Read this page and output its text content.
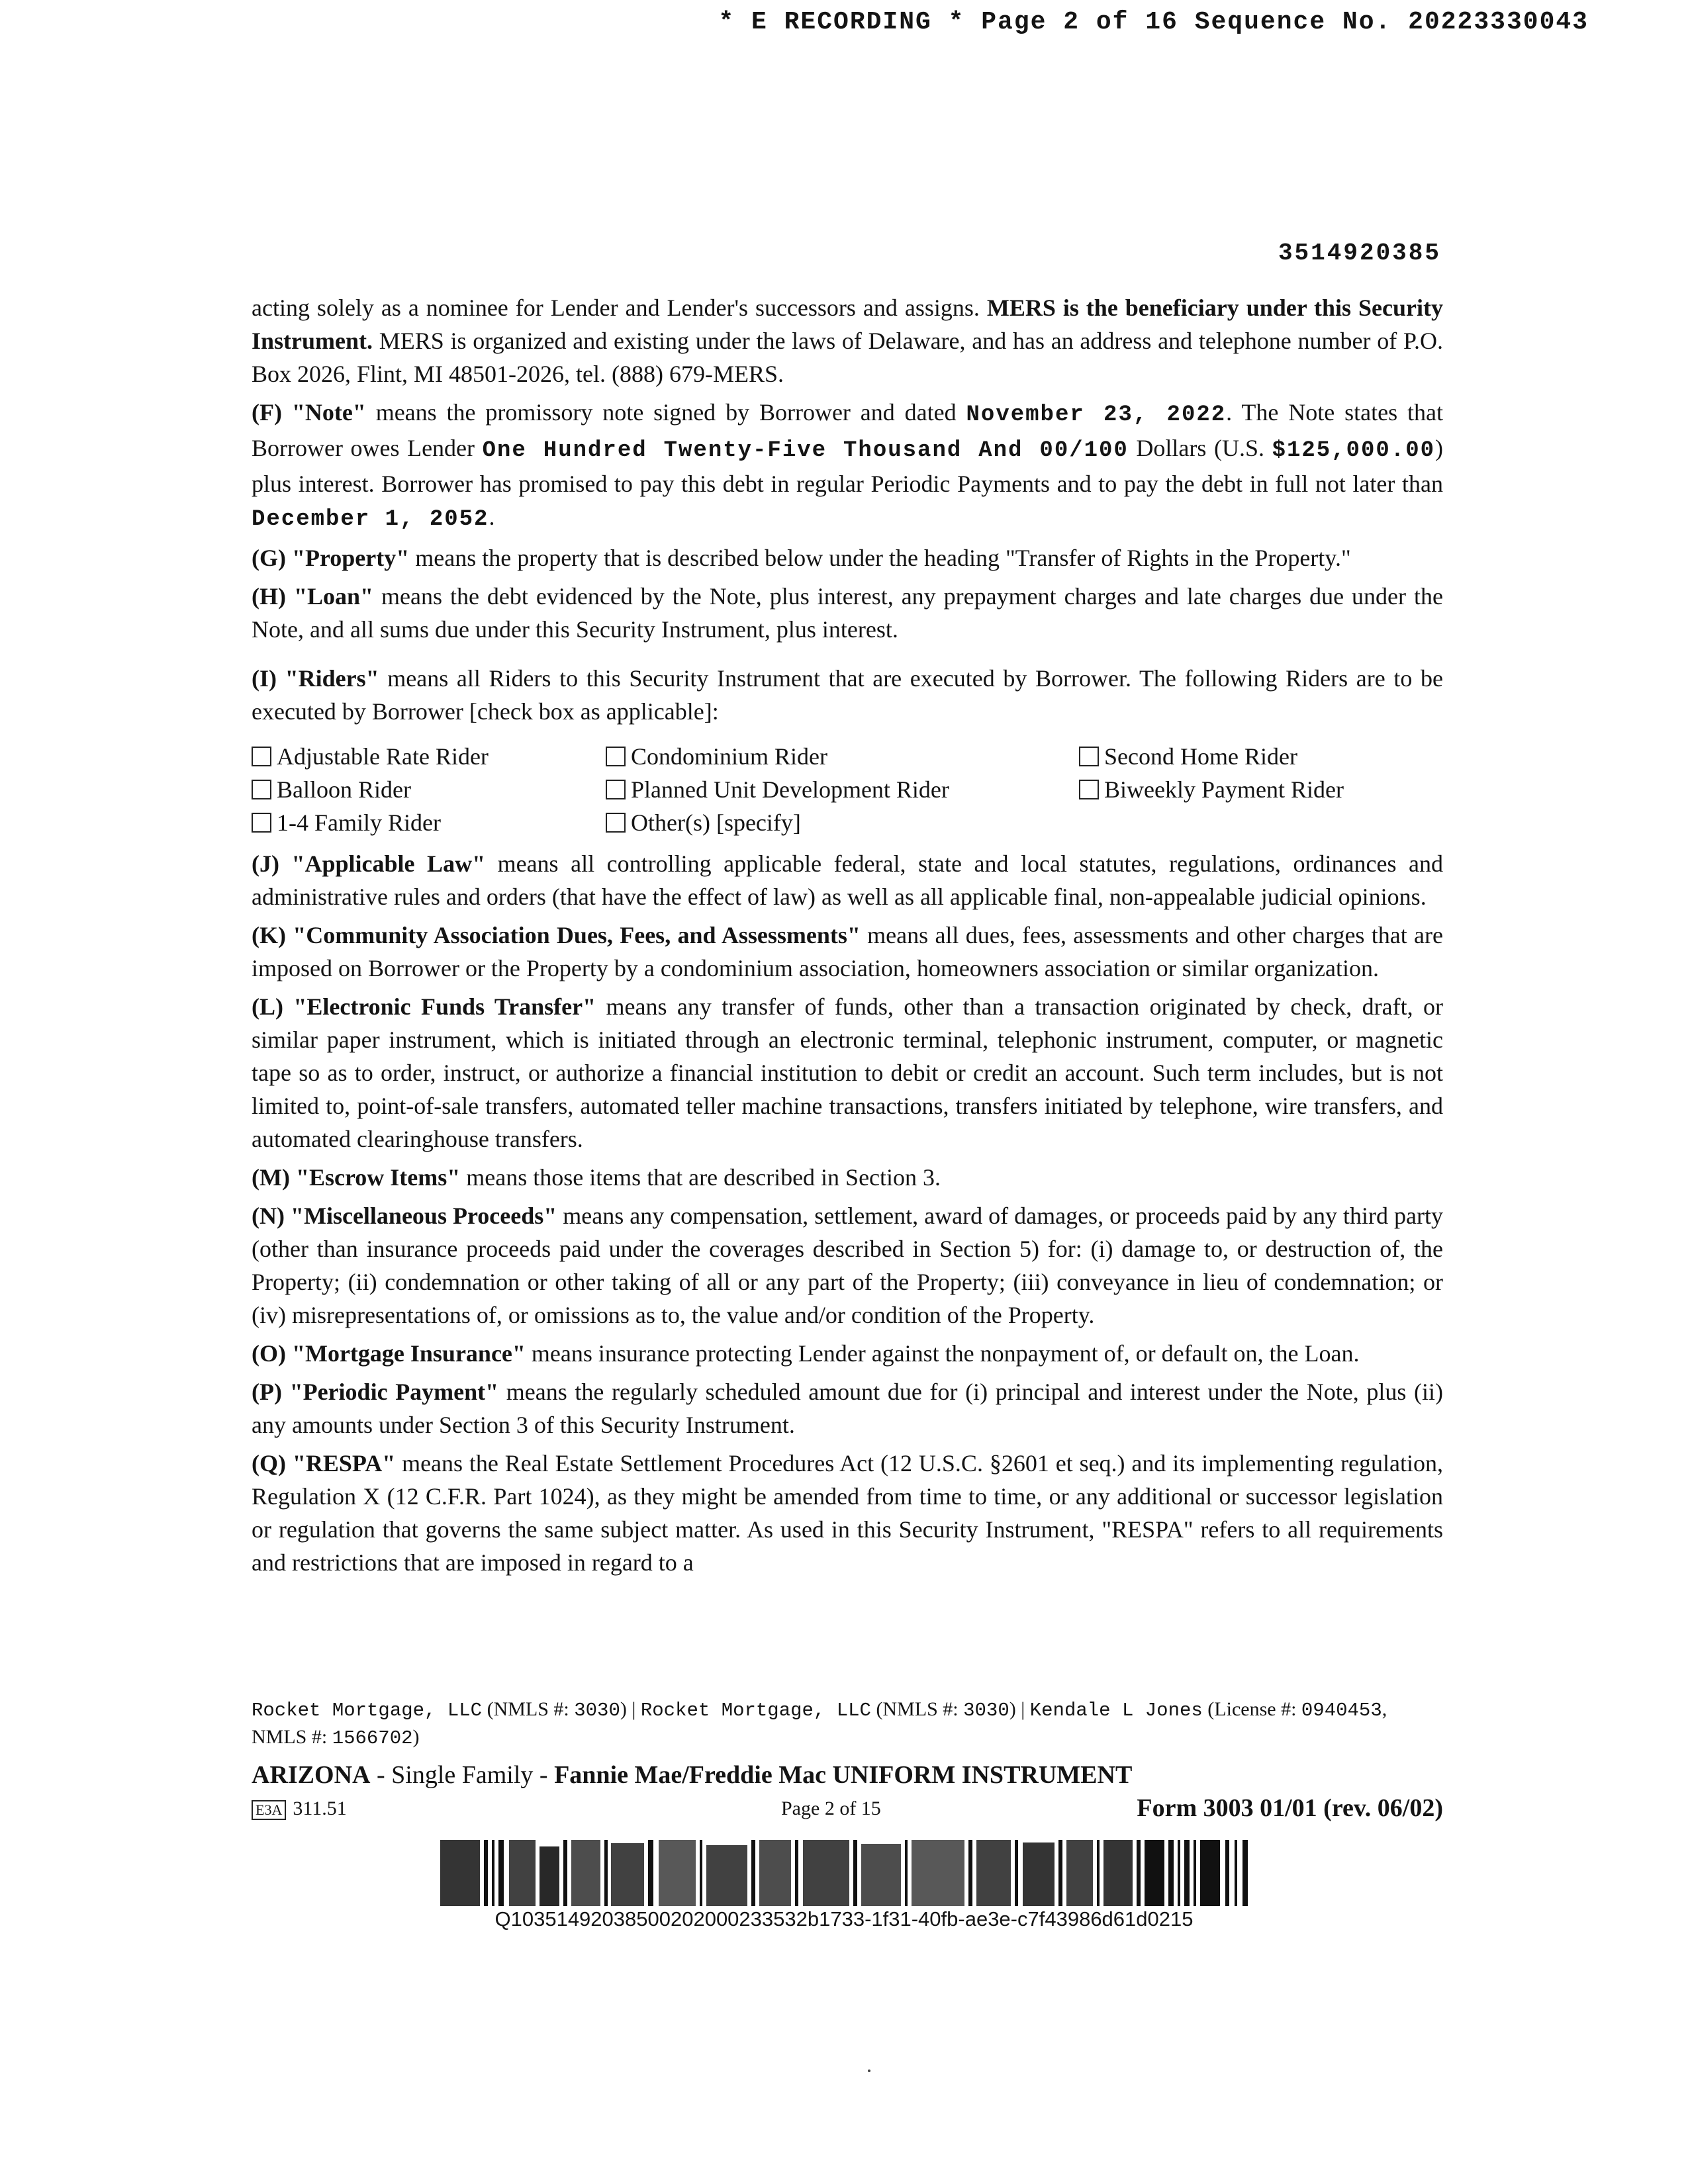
* E RECORDING * Page 2 of 16 Sequence No. 20223330043
3514920385

acting solely as a nominee for Lender and Lender's successors and assigns. MERS is the beneficiary under this Security Instrument. MERS is organized and existing under the laws of Delaware, and has an address and telephone number of P.O. Box 2026, Flint, MI 48501-2026, tel. (888) 679-MERS.

(F) "Note" means the promissory note signed by Borrower and dated November 23, 2022. The Note states that Borrower owes Lender One Hundred Twenty-Five Thousand And 00/100 Dollars (U.S. $125,000.00) plus interest. Borrower has promised to pay this debt in regular Periodic Payments and to pay the debt in full not later than December 1, 2052.

(G) "Property" means the property that is described below under the heading "Transfer of Rights in the Property."

(H) "Loan" means the debt evidenced by the Note, plus interest, any prepayment charges and late charges due under the Note, and all sums due under this Security Instrument, plus interest.

(I) "Riders" means all Riders to this Security Instrument that are executed by Borrower. The following Riders are to be executed by Borrower [check box as applicable]:

Adjustable Rate Rider	Condominium Rider	Second Home Rider
Balloon Rider	Planned Unit Development Rider	Biweekly Payment Rider
1-4 Family Rider	Other(s) [specify]

(J) "Applicable Law" means all controlling applicable federal, state and local statutes, regulations, ordinances and administrative rules and orders (that have the effect of law) as well as all applicable final, non-appealable judicial opinions.

(K) "Community Association Dues, Fees, and Assessments" means all dues, fees, assessments and other charges that are imposed on Borrower or the Property by a condominium association, homeowners association or similar organization.

(L) "Electronic Funds Transfer" means any transfer of funds, other than a transaction originated by check, draft, or similar paper instrument, which is initiated through an electronic terminal, telephonic instrument, computer, or magnetic tape so as to order, instruct, or authorize a financial institution to debit or credit an account. Such term includes, but is not limited to, point-of-sale transfers, automated teller machine transactions, transfers initiated by telephone, wire transfers, and automated clearinghouse transfers.

(M) "Escrow Items" means those items that are described in Section 3.

(N) "Miscellaneous Proceeds" means any compensation, settlement, award of damages, or proceeds paid by any third party (other than insurance proceeds paid under the coverages described in Section 5) for: (i) damage to, or destruction of, the Property; (ii) condemnation or other taking of all or any part of the Property; (iii) conveyance in lieu of condemnation; or (iv) misrepresentations of, or omissions as to, the value and/or condition of the Property.

(O) "Mortgage Insurance" means insurance protecting Lender against the nonpayment of, or default on, the Loan.

(P) "Periodic Payment" means the regularly scheduled amount due for (i) principal and interest under the Note, plus (ii) any amounts under Section 3 of this Security Instrument.

(Q) "RESPA" means the Real Estate Settlement Procedures Act (12 U.S.C. §2601 et seq.) and its implementing regulation, Regulation X (12 C.F.R. Part 1024), as they might be amended from time to time, or any additional or successor legislation or regulation that governs the same subject matter. As used in this Security Instrument, "RESPA" refers to all requirements and restrictions that are imposed in regard to a

Rocket Mortgage, LLC (NMLS #: 3030) | Rocket Mortgage, LLC (NMLS #: 3030) | Kendale L Jones (License #: 0940453, NMLS #: 1566702)
ARIZONA - Single Family - Fannie Mae/Freddie Mac UNIFORM INSTRUMENT
E3A 311.51	Page 2 of 15	Form 3003 01/01 (rev. 06/02)
Q10351492038500202000233532b1733-1f31-40fb-ae3e-c7f43986d61d0215
